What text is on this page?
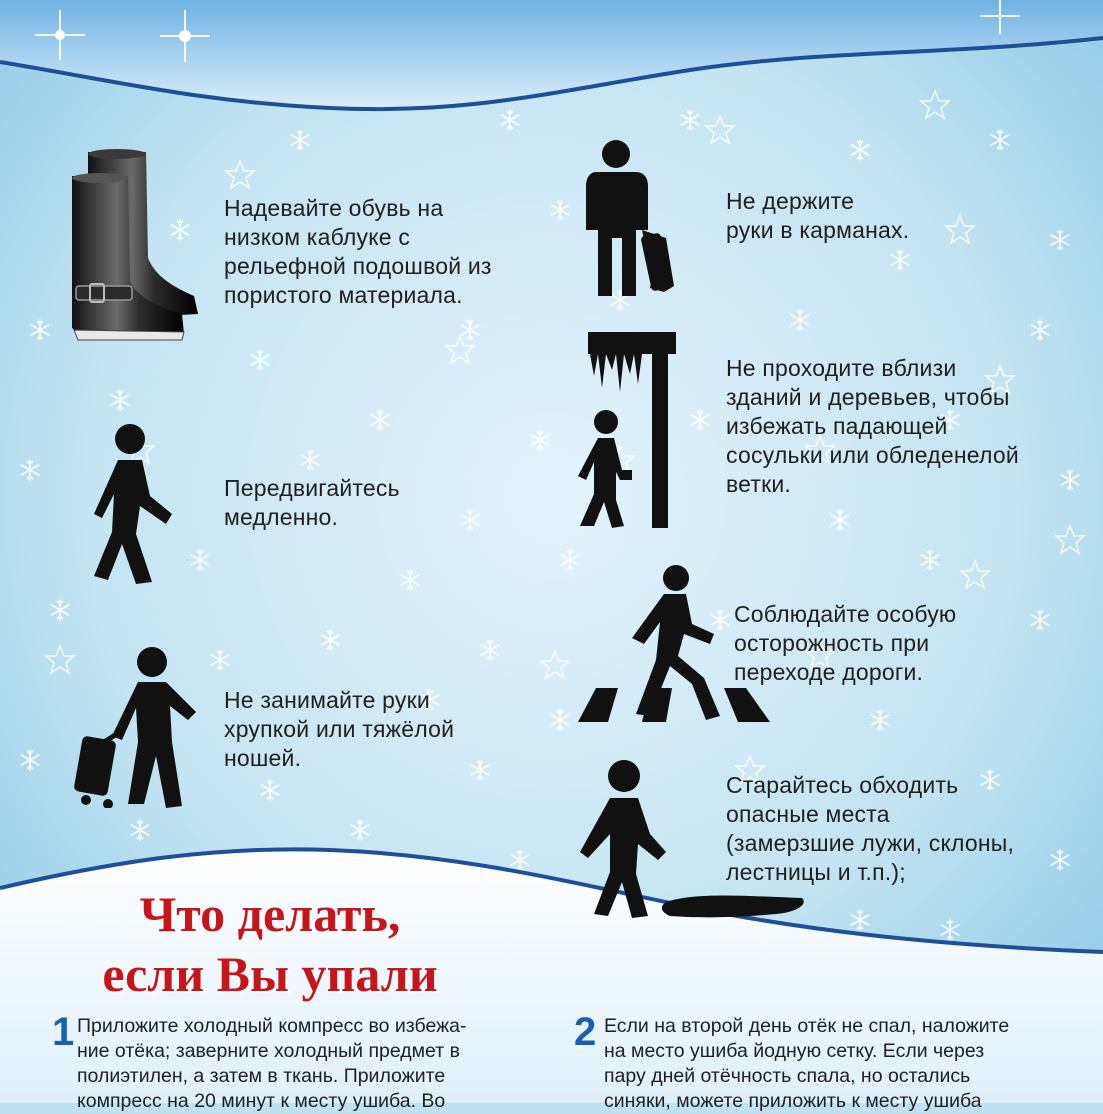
Надевайте обувь на
низком каблуке с
рельефной подошвой из
пористого материала.
Не держите
руки в карманах.
Не проходите вблизи
зданий и деревьев, чтобы
избежать падающей
сосульки или обледенелой
ветки.
Передвигайтесь
медленно.
Соблюдайте особую
осторожность при
переходе дороги.
Не занимайте руки
хрупкой или тяжёлой
ношей.
Старайтесь обходить
опасные места
(замерзшие лужи, склоны,
лестницы и т.п.);
Что делать,
если Вы упали
1 Приложите холодный компресс во избежа-
ние отёка; заверните холодный предмет в
полиэтилен, а затем в ткань. Приложите
компресс на 20 минут к месту ушиба. Во
2 Если на второй день отёк не спал, наложите
на место ушиба йодную сетку. Если через
пару дней отёчность спала, но остались
синяки, можете приложить к месту ушиба
